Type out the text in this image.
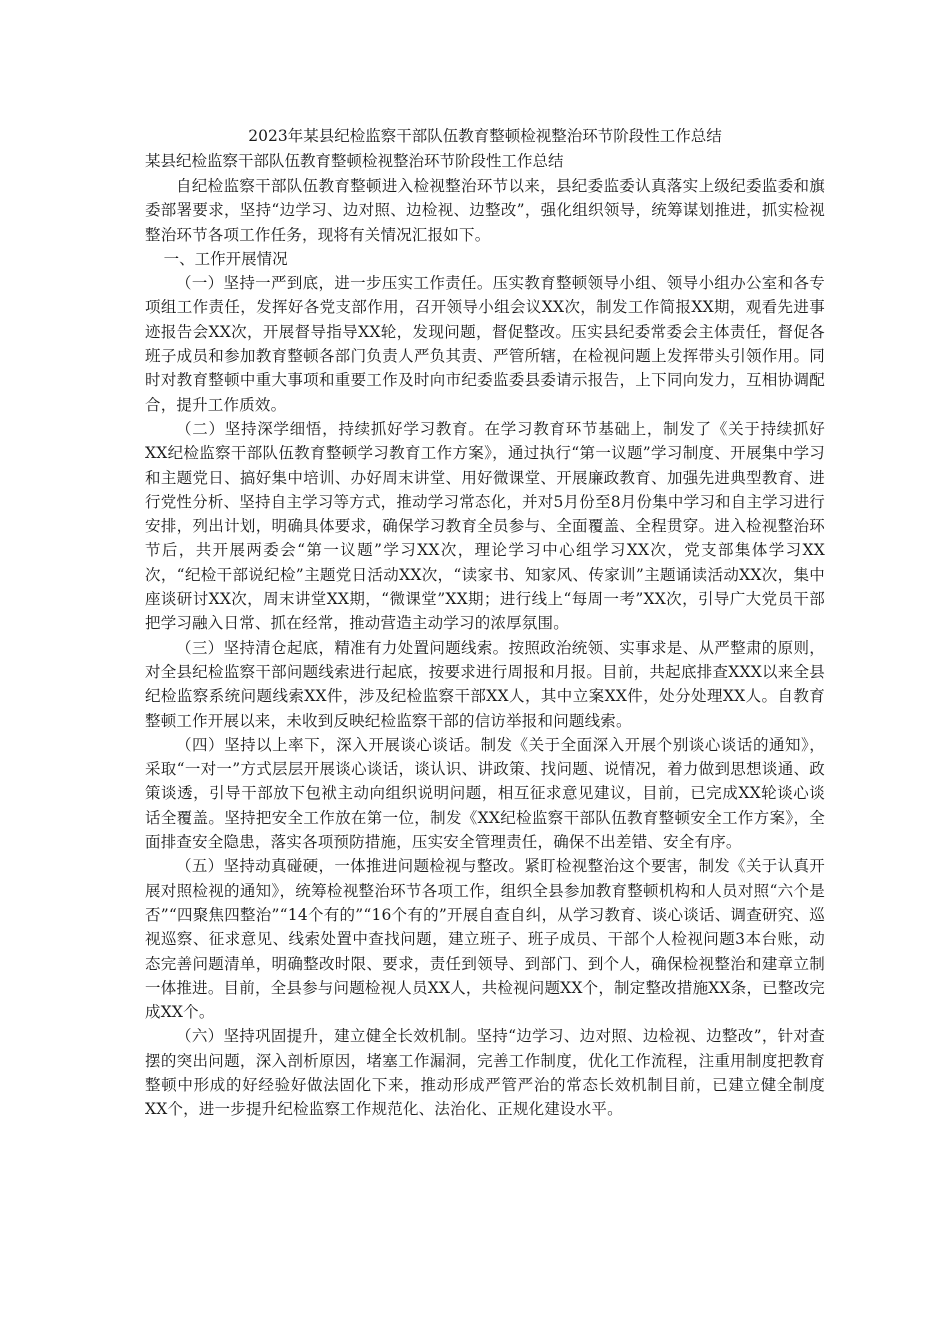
2023年某县纪检监察干部队伍教育整顿检视整治环节阶段性工作总结
某县纪检监察干部队伍教育整顿检视整治环节阶段性工作总结

自纪检监察干部队伍教育整顿进入检视整治环节以来，县纪委监委认真落实上级纪委监委和旗委部署要求，坚持“边学习、边对照、边检视、边整改”，强化组织领导，统筹谋划推进，抓实检视整治环节各项工作任务，现将有关情况汇报如下。

一、工作开展情况

（一）坚持一严到底，进一步压实工作责任。压实教育整顿领导小组、领导小组办公室和各专项组工作责任，发挥好各党支部作用，召开领导小组会议XX次，制发工作简报XX期，观看先进事迹报告会XX次，开展督导指导XX轮，发现问题，督促整改。压实县纪委常委会主体责任，督促各班子成员和参加教育整顿各部门负责人严负其责、严管所辖，在检视问题上发挥带头引领作用。同时对教育整顿中重大事项和重要工作及时向市纪委监委县委请示报告，上下同向发力，互相协调配合，提升工作质效。

（二）坚持深学细悟，持续抓好学习教育。在学习教育环节基础上，制发了《关于持续抓好XX纪检监察干部队伍教育整顿学习教育工作方案》，通过执行“第一议题”学习制度、开展集中学习和主题党日、搞好集中培训、办好周末讲堂、用好微课堂、开展廉政教育、加强先进典型教育、进行党性分析、坚持自主学习等方式，推动学习常态化，并对5月份至8月份集中学习和自主学习进行安排，列出计划，明确具体要求，确保学习教育全员参与、全面覆盖、全程贯穿。进入检视整治环节后，共开展两委会“第一议题”学习XX次，理论学习中心组学习XX次，党支部集体学习XX次，“纪检干部说纪检”主题党日活动XX次，“读家书、知家风、传家训”主题诵读活动XX次，集中座谈研讨XX次，周末讲堂XX期，“微课堂”XX期；进行线上“每周一考”XX次，引导广大党员干部把学习融入日常、抓在经常，推动营造主动学习的浓厚氛围。

（三）坚持清仓起底，精准有力处置问题线索。按照政治统领、实事求是、从严整肃的原则，对全县纪检监察干部问题线索进行起底，按要求进行周报和月报。目前，共起底排查XXX以来全县纪检监察系统问题线索XX件，涉及纪检监察干部XX人，其中立案XX件，处分处理XX人。自教育整顿工作开展以来，未收到反映纪检监察干部的信访举报和问题线索。

（四）坚持以上率下，深入开展谈心谈话。制发《关于全面深入开展个别谈心谈话的通知》，采取“一对一”方式层层开展谈心谈话，谈认识、讲政策、找问题、说情况，着力做到思想谈通、政策谈透，引导干部放下包袱主动向组织说明问题，相互征求意见建议，目前，已完成XX轮谈心谈话全覆盖。坚持把安全工作放在第一位，制发《XX纪检监察干部队伍教育整顿安全工作方案》，全面排查安全隐患，落实各项预防措施，压实安全管理责任，确保不出差错、安全有序。

（五）坚持动真碰硬，一体推进问题检视与整改。紧盯检视整治这个要害，制发《关于认真开展对照检视的通知》，统筹检视整治环节各项工作，组织全县参加教育整顿机构和人员对照“六个是否”“四聚焦四整治”“14个有的”“16个有的”开展自查自纠，从学习教育、谈心谈话、调查研究、巡视巡察、征求意见、线索处置中查找问题，建立班子、班子成员、干部个人检视问题3本台账，动态完善问题清单，明确整改时限、要求，责任到领导、到部门、到个人，确保检视整治和建章立制一体推进。目前，全县参与问题检视人员XX人，共检视问题XX个，制定整改措施XX条，已整改完成XX个。

（六）坚持巩固提升，建立健全长效机制。坚持“边学习、边对照、边检视、边整改”，针对查摆的突出问题，深入剖析原因，堵塞工作漏洞，完善工作制度，优化工作流程，注重用制度把教育整顿中形成的好经验好做法固化下来，推动形成严管严治的常态长效机制目前，已建立健全制度XX个，进一步提升纪检监察工作规范化、法治化、正规化建设水平。
